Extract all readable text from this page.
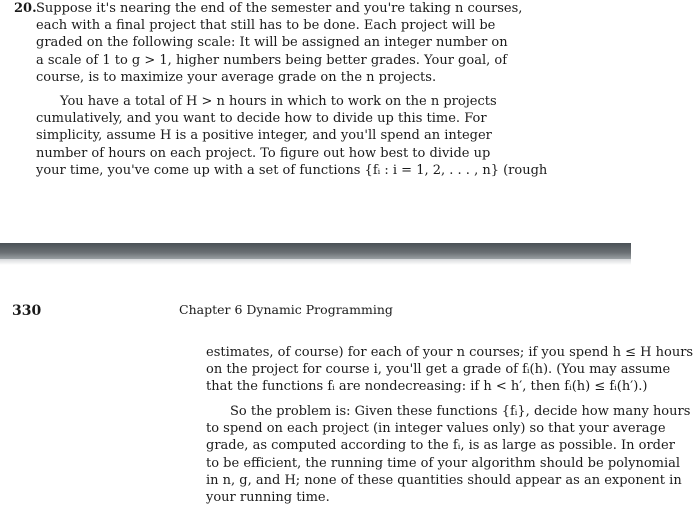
20. Suppose it's nearing the end of the semester and you're taking n courses,
each with a final project that still has to be done. Each project will be
graded on the following scale: It will be assigned an integer number on
a scale of 1 to g > 1, higher numbers being better grades. Your goal, of
course, is to maximize your average grade on the n projects.

You have a total of H > n hours in which to work on the n projects
cumulatively, and you want to decide how to divide up this time. For
simplicity, assume H is a positive integer, and you'll spend an integer
number of hours on each project. To figure out how best to divide up
your time, you've come up with a set of functions {fᵢ : i = 1, 2, . . . , n} (rough

330	Chapter 6 Dynamic Programming

estimates, of course) for each of your n courses; if you spend h ≤ H hours
on the project for course i, you'll get a grade of fᵢ(h). (You may assume
that the functions fᵢ are nondecreasing: if h < h′, then fᵢ(h) ≤ fᵢ(h′).)

So the problem is: Given these functions {fᵢ}, decide how many hours
to spend on each project (in integer values only) so that your average
grade, as computed according to the fᵢ, is as large as possible. In order
to be efficient, the running time of your algorithm should be polynomial
in n, g, and H; none of these quantities should appear as an exponent in
your running time.
